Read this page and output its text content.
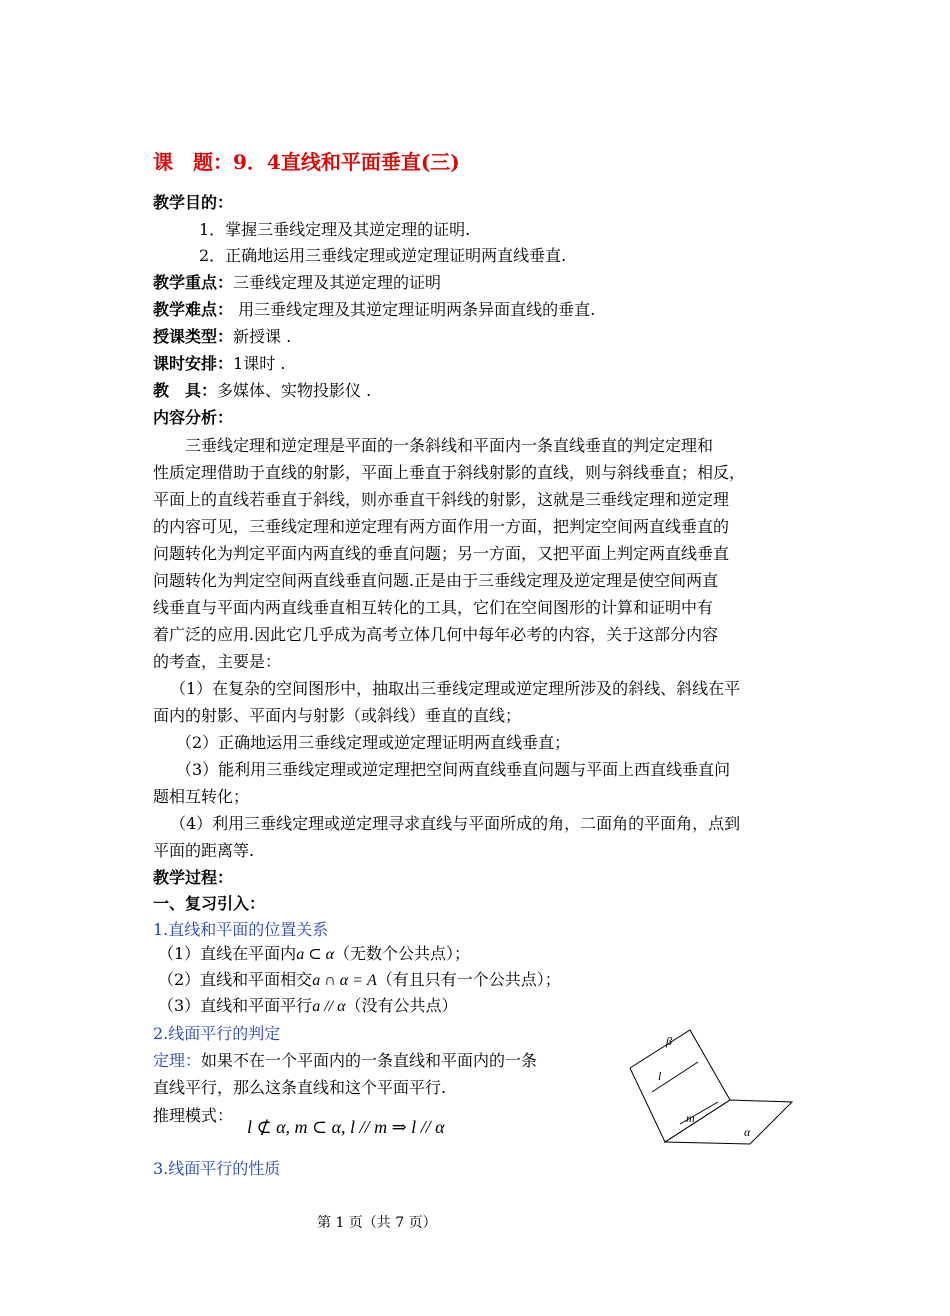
课　题：9．4直线和平面垂直(三)
教学目的：
1．掌握三垂线定理及其逆定理的证明.
2．正确地运用三垂线定理或逆定理证明两直线垂直.
教学重点：三垂线定理及其逆定理的证明
教学难点： 用三垂线定理及其逆定理证明两条异面直线的垂直.
授课类型：新授课 .
课时安排：1课时 .
教　具：多媒体、实物投影仪 .
内容分析：
三垂线定理和逆定理是平面的一条斜线和平面内一条直线垂直的判定定理和
性质定理借助于直线的射影，平面上垂直于斜线射影的直线，则与斜线垂直；相反，
平面上的直线若垂直于斜线，则亦垂直干斜线的射影，这就是三垂线定理和逆定理
的内容可见，三垂线定理和逆定理有两方面作用一方面，把判定空间两直线垂直的
问题转化为判定平面内两直线的垂直问题；另一方面，又把平面上判定两直线垂直
问题转化为判定空间两直线垂直问题.正是由于三垂线定理及逆定理是使空间两直
线垂直与平面内两直线垂直相互转化的工具，它们在空间图形的计算和证明中有
着广泛的应用.因此它几乎成为高考立体几何中每年必考的内容，关于这部分内容
的考查，主要是：
（1）在复杂的空间图形中，抽取出三垂线定理或逆定理所涉及的斜线、斜线在平
面内的射影、平面内与射影（或斜线）垂直的直线；
（2）正确地运用三垂线定理或逆定理证明两直线垂直；
（3）能利用三垂线定理或逆定理把空间两直线垂直问题与平面上西直线垂直问
题相互转化；
（4）利用三垂线定理或逆定理寻求直线与平面所成的角，二面角的平面角，点到
平面的距离等.
教学过程：
一、复习引入：
1.直线和平面的位置关系
（1）直线在平面内a ⊂ α（无数个公共点）；
（2）直线和平面相交a ∩ α = A（有且只有一个公共点）；
（3）直线和平面平行a // α（没有公共点）
2.线面平行的判定
定理：如果不在一个平面内的一条直线和平面内的一条
直线平行，那么这条直线和这个平面平行.
推理模式：
l ⊄ α, m ⊂ α, l // m ⇒ l // α
3.线面平行的性质
β
l
m
α
第 1 页（共 7 页）
